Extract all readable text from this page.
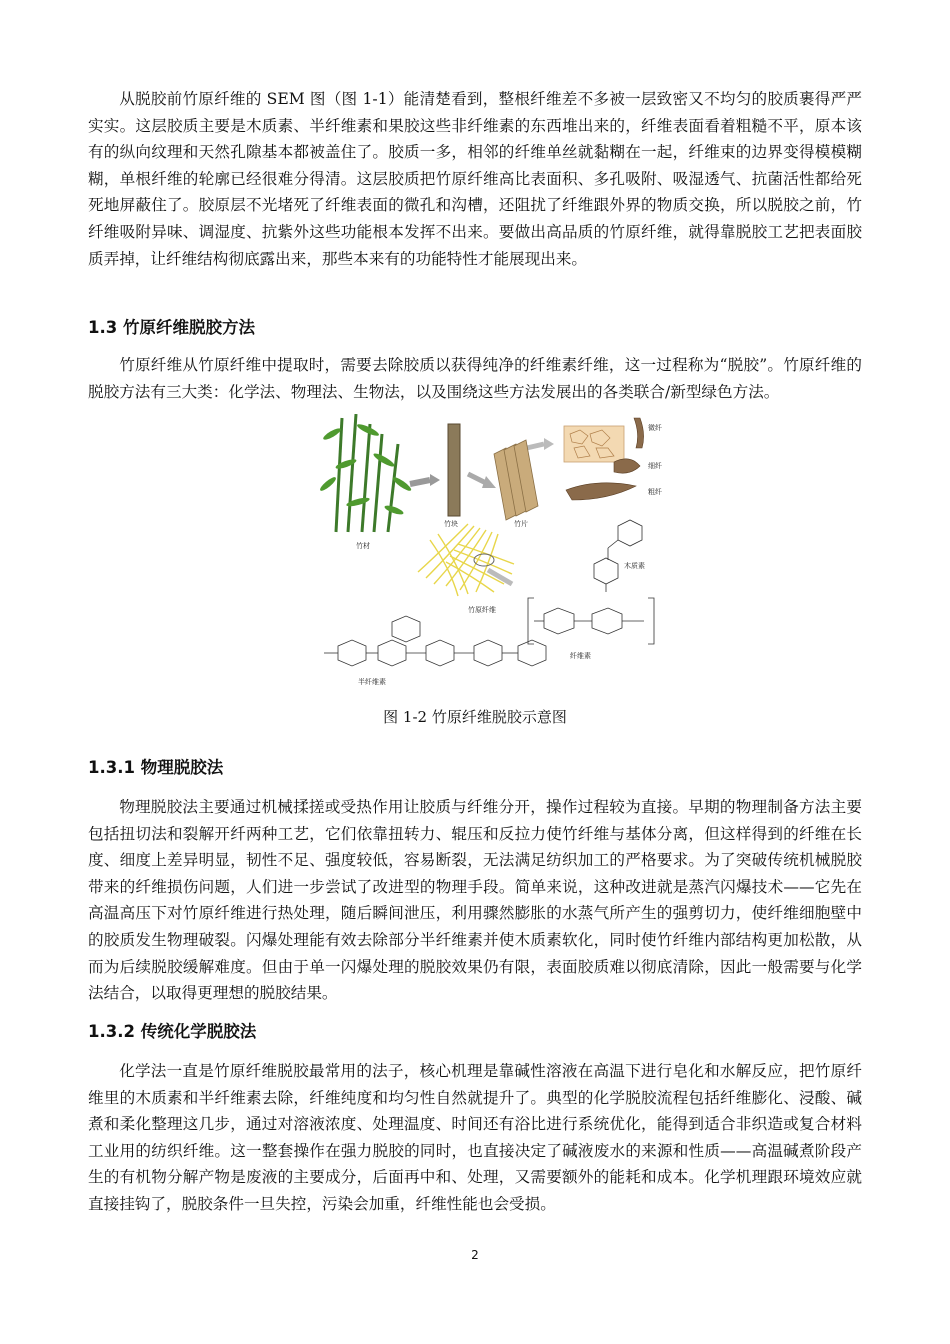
从脱胶前竹原纤维的 SEM 图（图 1-1）能清楚看到，整根纤维差不多被一层致密又不均匀的胶质裹得严严实实。这层胶质主要是木质素、半纤维素和果胶这些非纤维素的东西堆出来的，纤维表面看着粗糙不平，原本该有的纵向纹理和天然孔隙基本都被盖住了。胶质一多，相邻的纤维单丝就黏糊在一起，纤维束的边界变得模模糊糊，单根纤维的轮廓已经很难分得清。这层胶质把竹原纤维高比表面积、多孔吸附、吸湿透气、抗菌活性都给死死地屏蔽住了。胶原层不光堵死了纤维表面的微孔和沟槽，还阻扰了纤维跟外界的物质交换，所以脱胶之前，竹纤维吸附异味、调湿度、抗紫外这些功能根本发挥不出来。要做出高品质的竹原纤维，就得靠脱胶工艺把表面胶质弄掉，让纤维结构彻底露出来，那些本来有的功能特性才能展现出来。

1.3 竹原纤维脱胶方法

竹原纤维从竹原纤维中提取时，需要去除胶质以获得纯净的纤维素纤维，这一过程称为“脱胶”。竹原纤维的脱胶方法有三大类：化学法、物理法、生物法，以及围绕这些方法发展出的各类联合/新型绿色方法。

竹材
竹块	竹片
微纤
细纤
粗纤
竹原纤维
木质素
纤维素
半纤维素
图 1-2 竹原纤维脱胶示意图
1.3.1 物理脱胶法

物理脱胶法主要通过机械揉搓或受热作用让胶质与纤维分开，操作过程较为直接。早期的物理制备方法主要包括扭切法和裂解开纤两种工艺，它们依靠扭转力、辊压和反拉力使竹纤维与基体分离，但这样得到的纤维在长度、细度上差异明显，韧性不足、强度较低，容易断裂，无法满足纺织加工的严格要求。为了突破传统机械脱胶带来的纤维损伤问题，人们进一步尝试了改进型的物理手段。简单来说，这种改进就是蒸汽闪爆技术——它先在高温高压下对竹原纤维进行热处理，随后瞬间泄压，利用骤然膨胀的水蒸气所产生的强剪切力，使纤维细胞壁中的胶质发生物理破裂。闪爆处理能有效去除部分半纤维素并使木质素软化，同时使竹纤维内部结构更加松散，从而为后续脱胶缓解难度。但由于单一闪爆处理的脱胶效果仍有限，表面胶质难以彻底清除，因此一般需要与化学法结合，以取得更理想的脱胶结果。

1.3.2 传统化学脱胶法

化学法一直是竹原纤维脱胶最常用的法子，核心机理是靠碱性溶液在高温下进行皂化和水解反应，把竹原纤维里的木质素和半纤维素去除，纤维纯度和均匀性自然就提升了。典型的化学脱胶流程包括纤维膨化、浸酸、碱煮和柔化整理这几步，通过对溶液浓度、处理温度、时间还有浴比进行系统优化，能得到适合非织造或复合材料工业用的纺织纤维。这一整套操作在强力脱胶的同时，也直接决定了碱液废水的来源和性质——高温碱煮阶段产生的有机物分解产物是废液的主要成分，后面再中和、处理，又需要额外的能耗和成本。化学机理跟环境效应就直接挂钩了，脱胶条件一旦失控，污染会加重，纤维性能也会受损。

2
